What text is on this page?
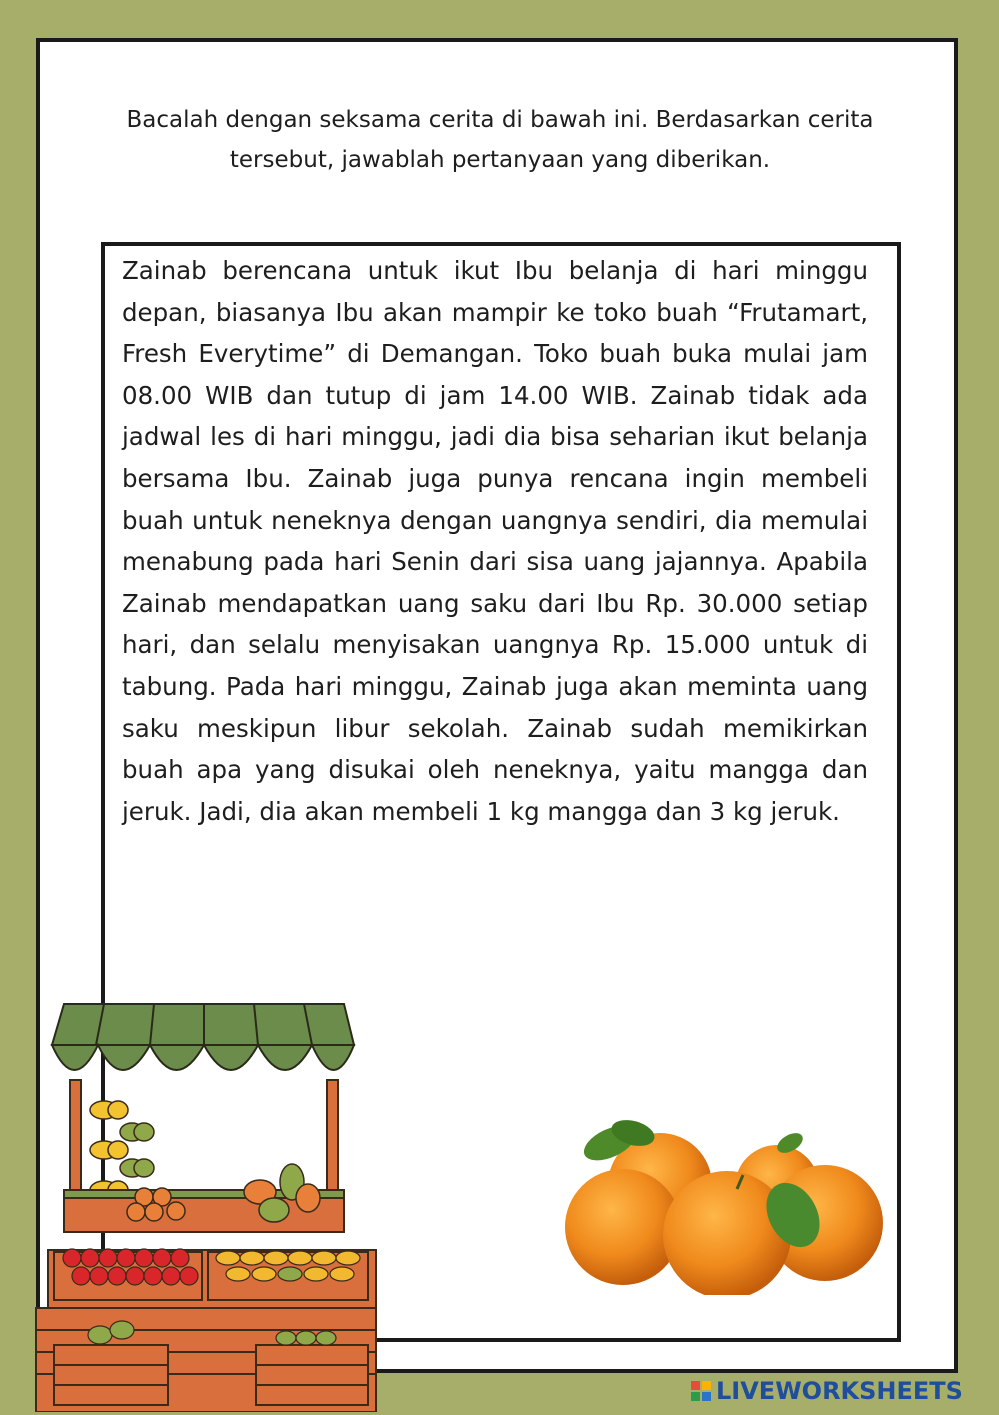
Bacalah dengan seksama cerita di bawah ini. Berdasarkan cerita tersebut, jawablah pertanyaan yang diberikan.

Zainab berencana untuk ikut Ibu belanja di hari minggu depan, biasanya Ibu akan mampir ke toko buah “Frutamart, Fresh Everytime” di Demangan. Toko buah buka mulai jam 08.00 WIB dan tutup di jam 14.00 WIB. Zainab tidak ada jadwal les di hari minggu, jadi dia bisa seharian ikut belanja bersama Ibu. Zainab juga punya rencana ingin membeli buah untuk neneknya dengan uangnya sendiri, dia memulai menabung pada hari Senin dari sisa uang jajannya. Apabila Zainab mendapatkan uang saku dari Ibu Rp. 30.000 setiap hari, dan selalu menyisakan uangnya Rp. 15.000 untuk di tabung. Pada hari minggu, Zainab juga akan meminta uang saku meskipun libur sekolah. Zainab sudah memikirkan buah apa yang disukai oleh neneknya, yaitu mangga dan jeruk. Jadi, dia akan membeli 1 kg mangga dan 3 kg jeruk.

LIVEWORKSHEETS
